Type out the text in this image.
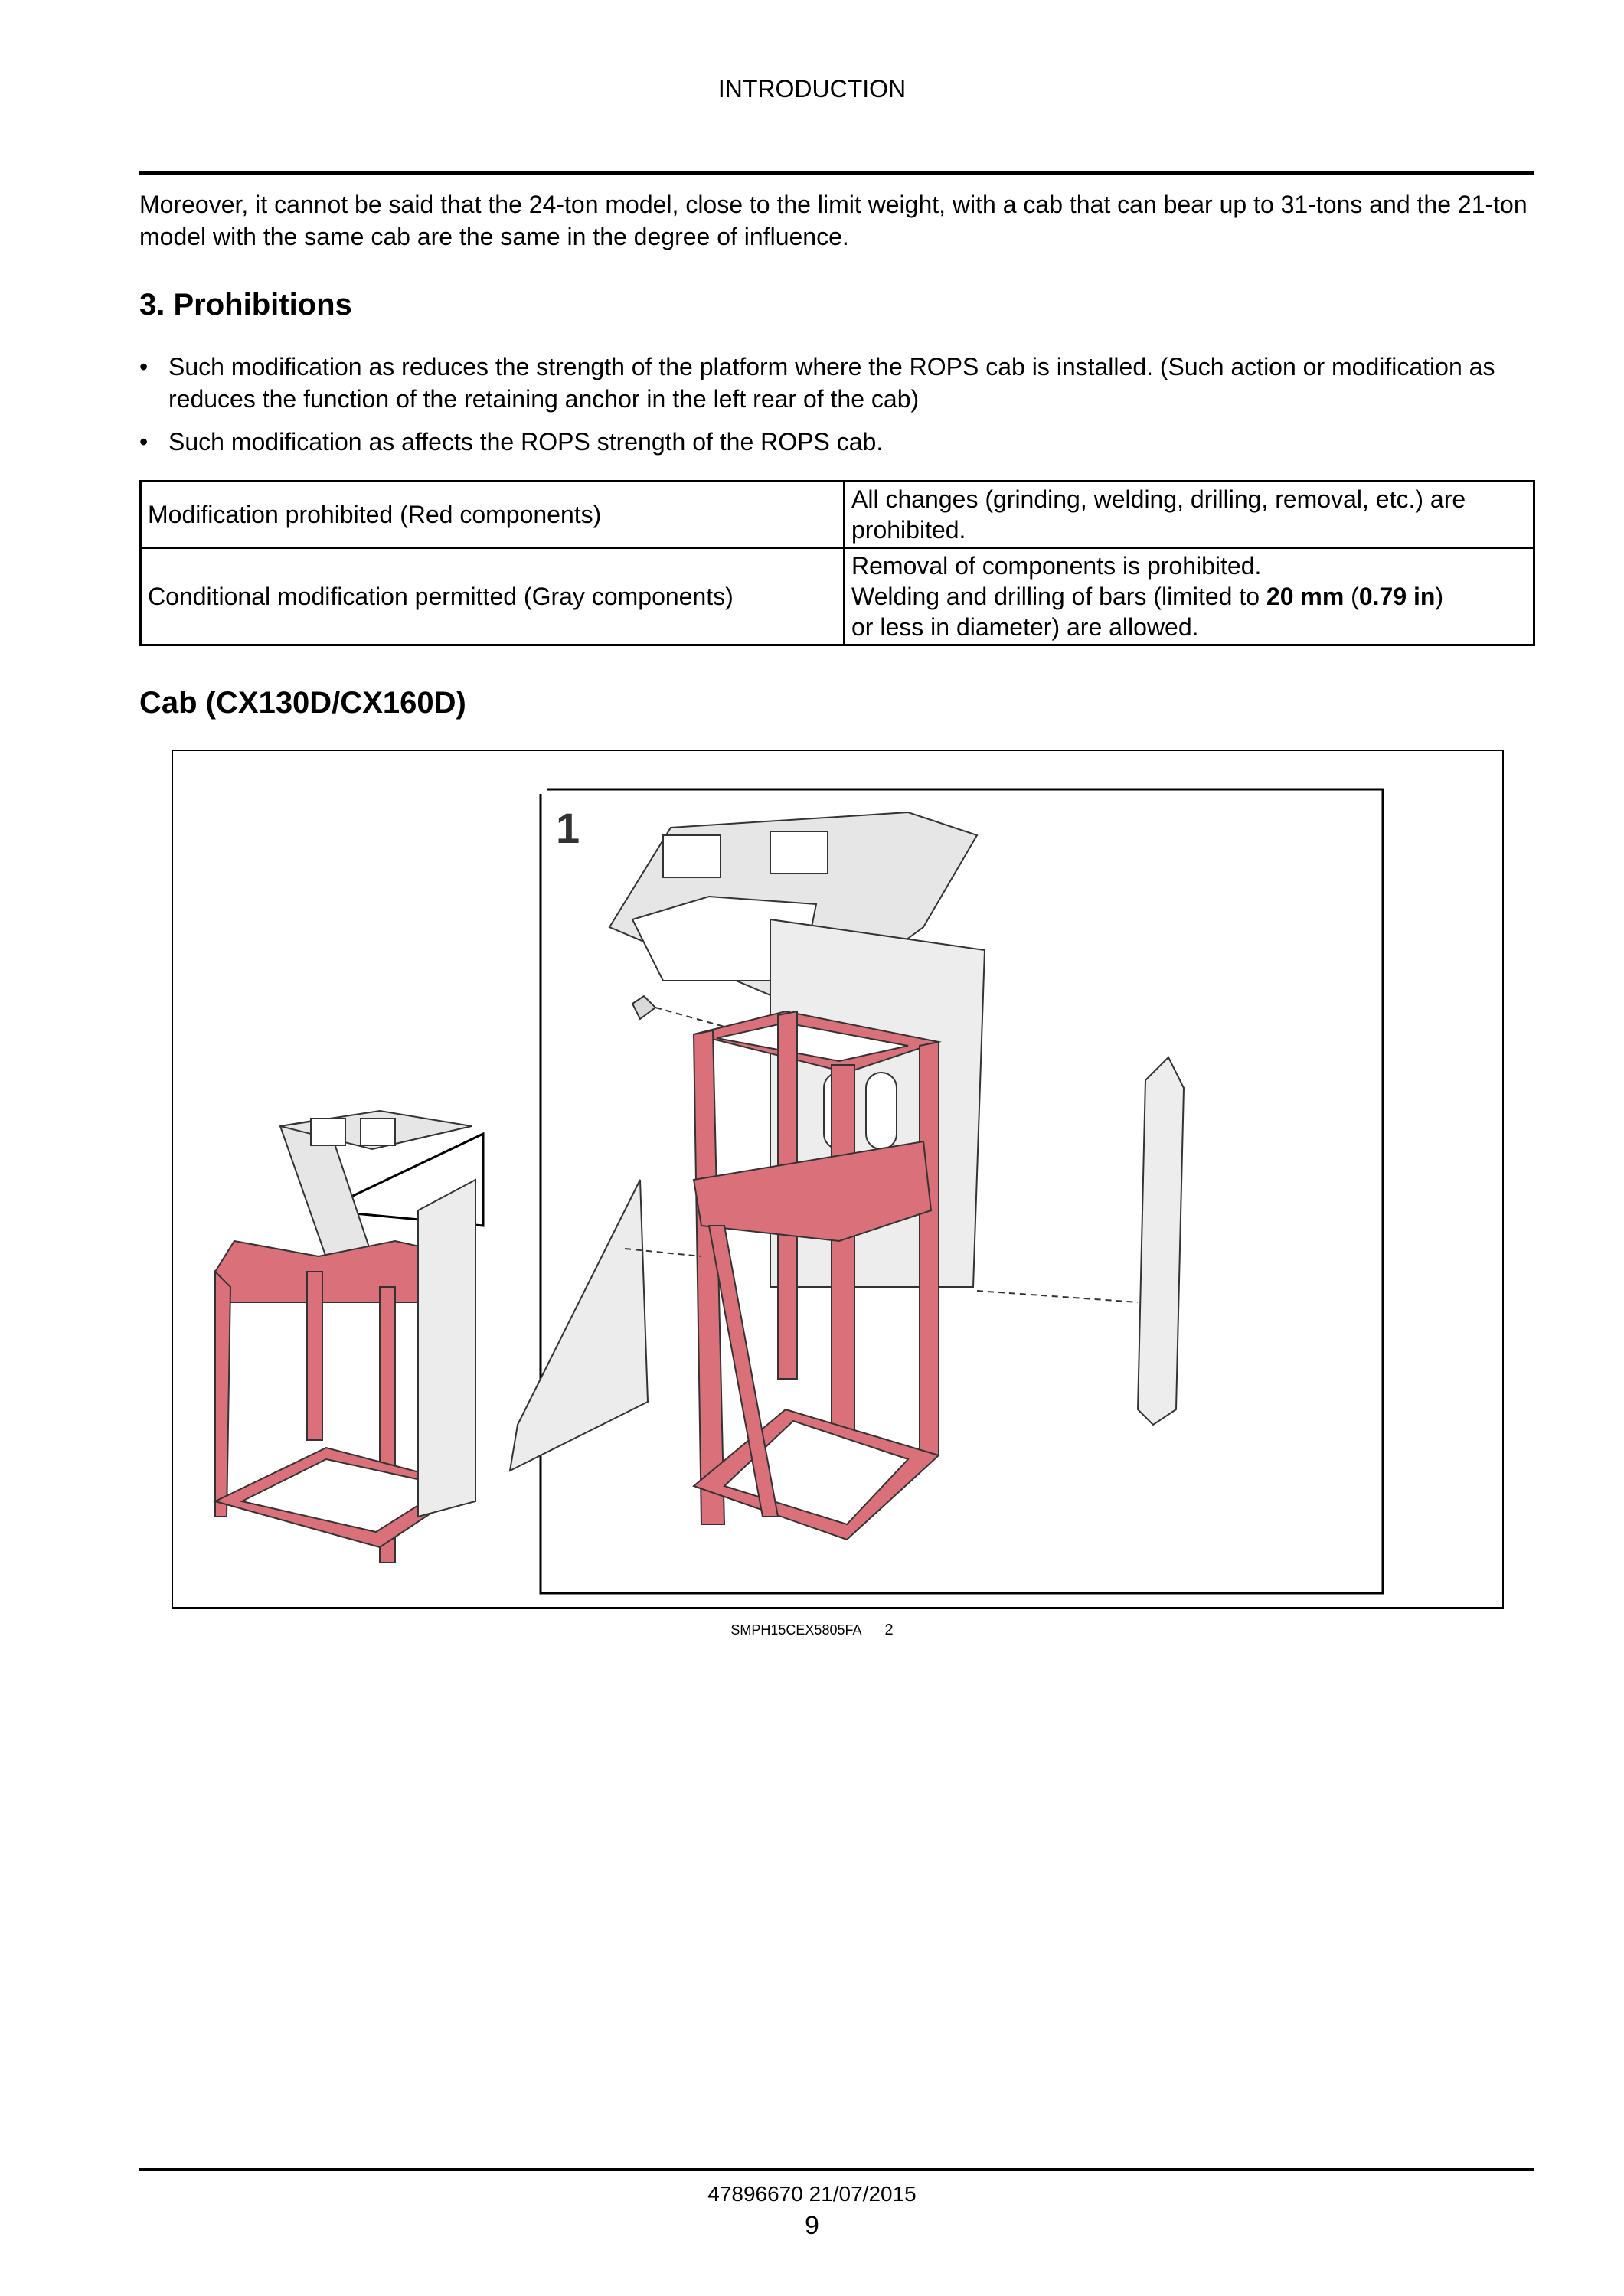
INTRODUCTION
Moreover, it cannot be said that the 24-ton model, close to the limit weight, with a cab that can bear up to 31-tons and the 21-ton model with the same cab are the same in the degree of influence.
3. Prohibitions
• Such modification as reduces the strength of the platform where the ROPS cab is installed. (Such action or modification as reduces the function of the retaining anchor in the left rear of the cab)
• Such modification as affects the ROPS strength of the ROPS cab.
Modification prohibited (Red components)	All changes (grinding, welding, drilling, removal, etc.) are prohibited.
Conditional modification permitted (Gray components)	Removal of components is prohibited.
Welding and drilling of bars (limited to 20 mm (0.79 in)
or less in diameter) are allowed.
Cab (CX130D/CX160D)
1
SMPH15CEX5805FA 2
47896670 21/07/2015
9
